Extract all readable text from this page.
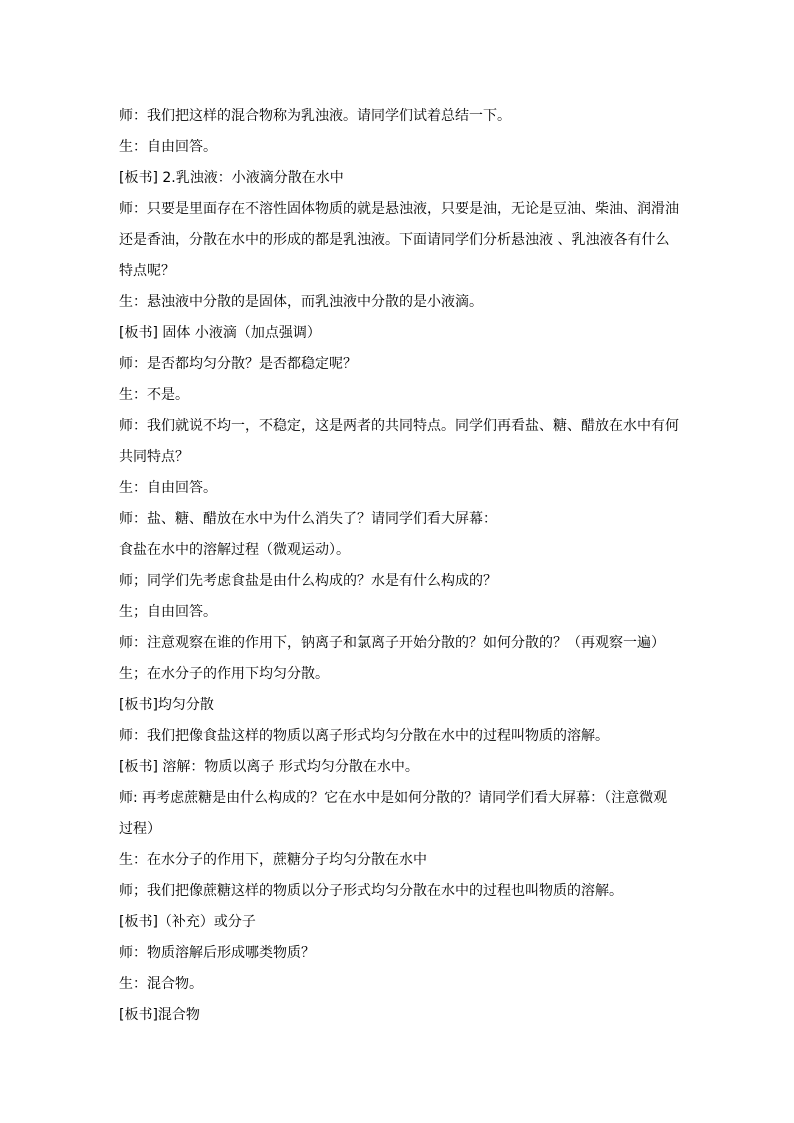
师：我们把这样的混合物称为乳浊液。请同学们试着总结一下。
生：自由回答。
[板书] 2.乳浊液：小液滴分散在水中
师：只要是里面存在不溶性固体物质的就是悬浊液，只要是油，无论是豆油、柴油、润滑油
还是香油，分散在水中的形成的都是乳浊液。下面请同学们分析悬浊液 、乳浊液各有什么
特点呢？
生：悬浊液中分散的是固体，而乳浊液中分散的是小液滴。
[板书] 固体 小液滴（加点强调）
师：是否都均匀分散？是否都稳定呢？
生：不是。
师：我们就说不均一，不稳定，这是两者的共同特点。同学们再看盐、糖、醋放在水中有何
共同特点？
生：自由回答。
师：盐、糖、醋放在水中为什么消失了？请同学们看大屏幕：
食盐在水中的溶解过程（微观运动）。
师；同学们先考虑食盐是由什么构成的？水是有什么构成的？
生；自由回答。
师：注意观察在谁的作用下，钠离子和氯离子开始分散的？如何分散的？（再观察一遍）
生；在水分子的作用下均匀分散。
[板书]均匀分散
师：我们把像食盐这样的物质以离子形式均匀分散在水中的过程叫物质的溶解。
[板书] 溶解：物质以离子 形式均匀分散在水中。
师: 再考虑蔗糖是由什么构成的？它在水中是如何分散的？请同学们看大屏幕：（注意微观
过程）
生：在水分子的作用下，蔗糖分子均匀分散在水中
师；我们把像蔗糖这样的物质以分子形式均匀分散在水中的过程也叫物质的溶解。
[板书]（补充）或分子
师：物质溶解后形成哪类物质？
生：混合物。
[板书]混合物
